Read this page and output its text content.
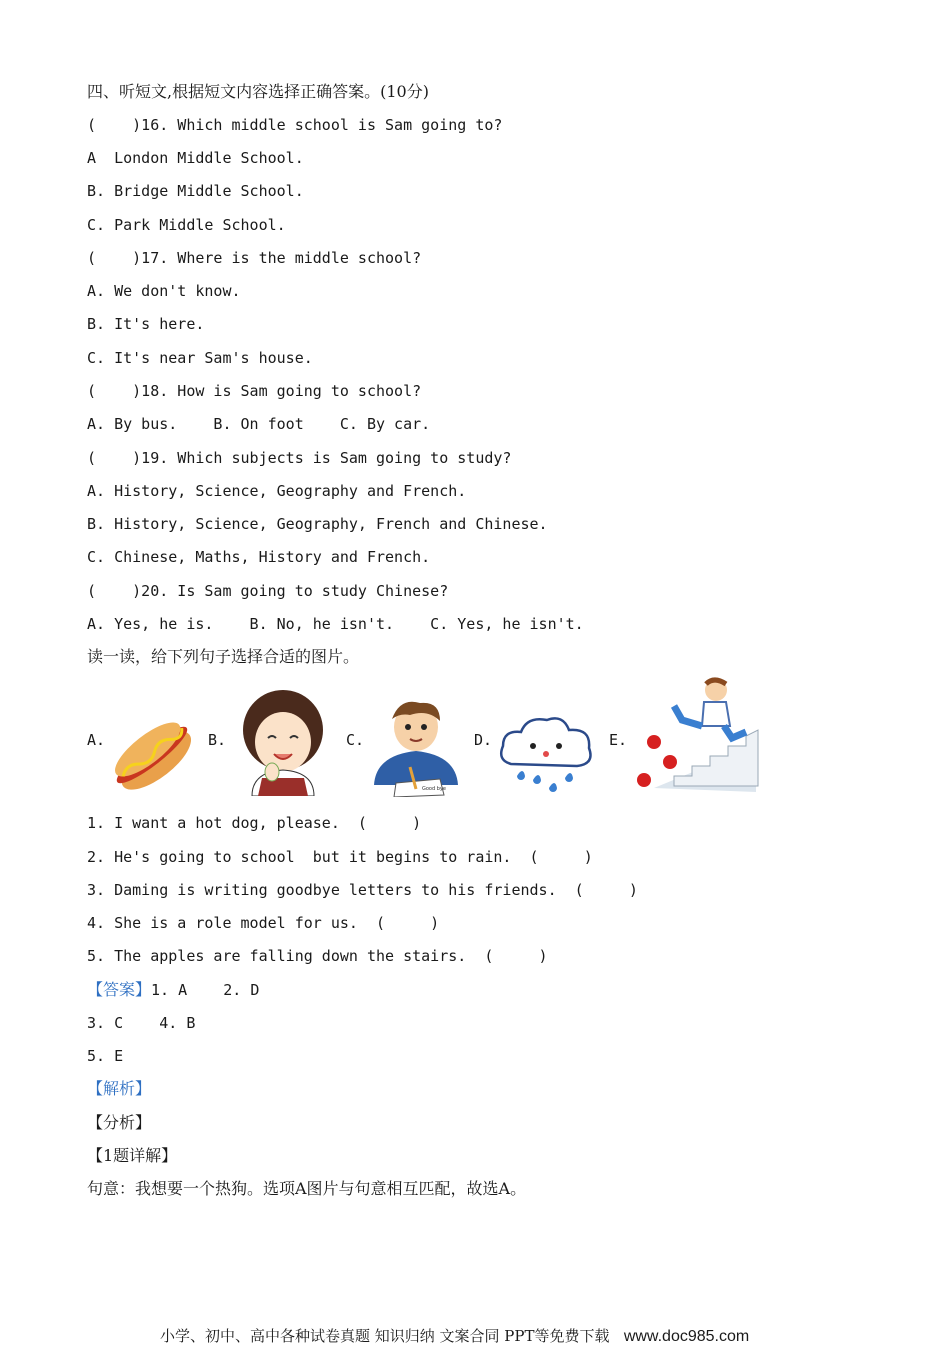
四、听短文,根据短文内容选择正确答案。(10分)
(    )16. Which middle school is Sam going to?
A  London Middle School.
B. Bridge Middle School.
C. Park Middle School.
(    )17. Where is the middle school?
A. We don't know.
B. It's here.
C. It's near Sam's house.
(    )18. How is Sam going to school?
A. By bus.    B. On foot    C. By car.
(    )19. Which subjects is Sam going to study?
A. History, Science, Geography and French.
B. History, Science, Geography, French and Chinese.
C. Chinese, Maths, History and French.
(    )20. Is Sam going to study Chinese?
A. Yes, he is.    B. No, he isn't.    C. Yes, he isn't.
读一读，给下列句子选择合适的图片。
A.	B.	C.
Good bye
D.	E.
1. I want a hot dog, please.  (     )
2. He's going to school  but it begins to rain.  (     )
3. Daming is writing goodbye letters to his friends.  (     )
4. She is a role model for us.  (     )
5. The apples are falling down the stairs.  (     )
【答案】1. A    2. D
3. C    4. B
5. E
【解析】
【分析】
【1题详解】
句意：我想要一个热狗。选项A图片与句意相互匹配，故选A。
小学、初中、高中各种试卷真题 知识归纳 文案合同 PPT等免费下载 www.doc985.com
